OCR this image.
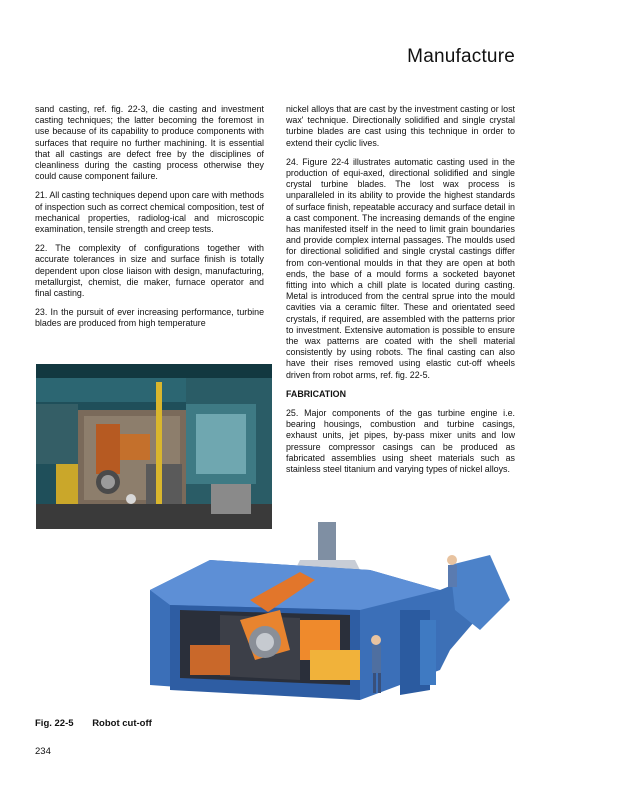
Manufacture

sand casting, ref. fig. 22-3, die casting and investment casting techniques; the latter becoming the foremost in use because of its capability to produce components with surfaces that require no further machining. It is essential that all castings are defect free by the disciplines of cleanliness during the casting process otherwise they could cause component failure.

21. All casting techniques depend upon care with methods of inspection such as correct chemical composition, test of mechanical properties, radiolog-ical and microscopic examination, tensile strength and creep tests.

22. The complexity of configurations together with accurate tolerances in size and surface finish is totally dependent upon close liaison with design, manufacturing, metallurgist, chemist, die maker, furnace operator and final casting.

23. In the pursuit of ever increasing performance, turbine blades are produced from high temperature

nickel alloys that are cast by the investment casting or lost wax' technique. Directionally solidified and single crystal turbine blades are cast using this technique in order to extend their cyclic lives.

24. Figure 22-4 illustrates automatic casting used in the production of equi-axed, directional solidified and single crystal turbine blades. The lost wax process is unparalleled in its ability to provide the highest standards of surface finish, repeatable accuracy and surface detail in a cast component. The increasing demands of the engine has manifested itself in the need to limit grain boundaries and provide complex internal passages. The moulds used for directional solidified and single crystal castings differ from con-ventional moulds in that they are open at both ends, the base of a mould forms a socketed bayonet fitting into which a chill plate is located during casting. Metal is introduced from the central sprue into the mould cavities via a ceramic filter. These and orientated seed crystals, if required, are assembled with the patterns prior to investment. Extensive automation is possible to ensure the wax patterns are coated with the shell material consistently by using robots. The final casting can also have their rises removed using elastic cut-off wheels driven from robot arms, ref. fig. 22-5.

FABRICATION

25. Major components of the gas turbine engine i.e. bearing housings, combustion and turbine casings, exhaust units, jet pipes, by-pass mixer units and low pressure compressor casings can be produced as fabricated assemblies using sheet materials such as stainless steel titanium and varying types of nickel alloys.

Fig. 22-5 Robot cut-off
234
